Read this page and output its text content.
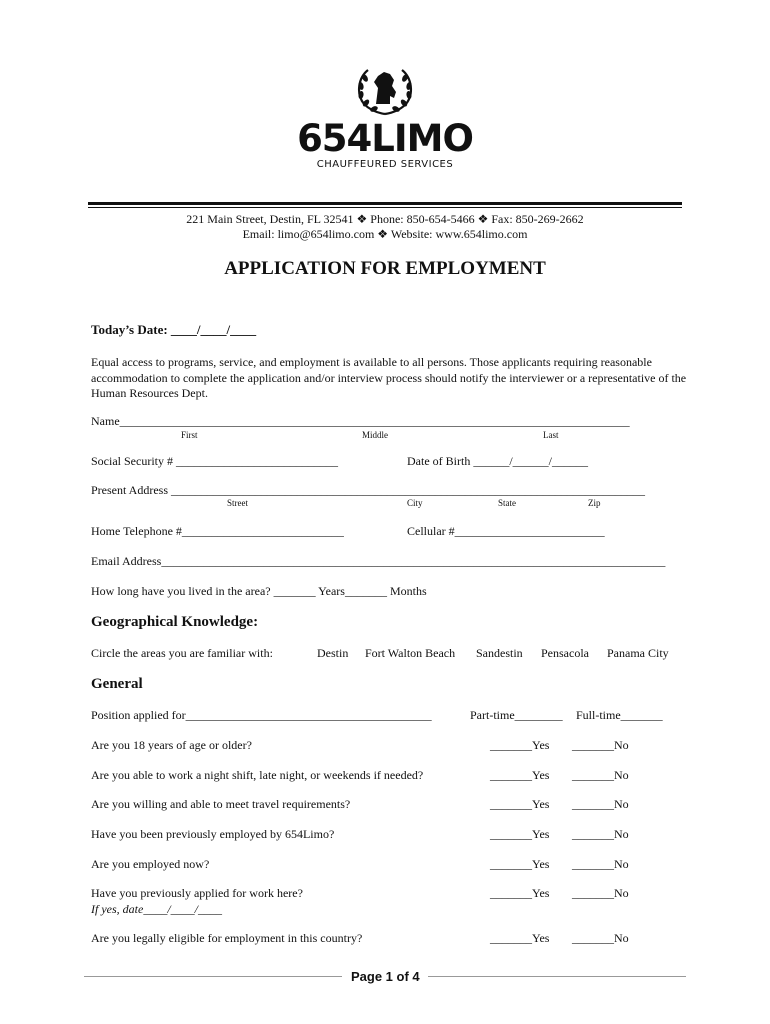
654LIMO
CHAUFFEURED SERVICES
221 Main Street, Destin, FL 32541 ❖ Phone: 850-654-5466 ❖ Fax: 850-269-2662
Email: limo@654limo.com ❖ Website: www.654limo.com
APPLICATION FOR EMPLOYMENT
Today’s Date: ____/____/____
Equal access to programs, service, and employment is available to all persons. Those applicants requiring reasonable accommodation to complete the application and/or interview process should notify the interviewer or a representative of the Human Resources Dept.
Name_____________________________________________________________________________________
First	Middle	Last
Social Security # ___________________________	Date of Birth ______/______/______
Present Address _______________________________________________________________________________
Street	City	State	Zip
Home Telephone #___________________________	Cellular #_________________________
Email Address____________________________________________________________________________________
How long have you lived in the area? _______ Years_______ Months
Geographical Knowledge:
Circle the areas you are familiar with:	Destin Fort Walton Beach Sandestin Pensacola Panama City
General
Position applied for_________________________________________	Part-time________ Full-time_______
Are you 18 years of age or older?	_______Yes _______No
Are you able to work a night shift, late night, or weekends if needed?	_______Yes _______No
Are you willing and able to meet travel requirements?	_______Yes _______No
Have you been previously employed by 654Limo?	_______Yes _______No
Are you employed now?	_______Yes _______No
Have you previously applied for work here?	_______Yes _______No
If yes, date____/____/____
Are you legally eligible for employment in this country?	_______Yes _______No
Page 1 of 4
